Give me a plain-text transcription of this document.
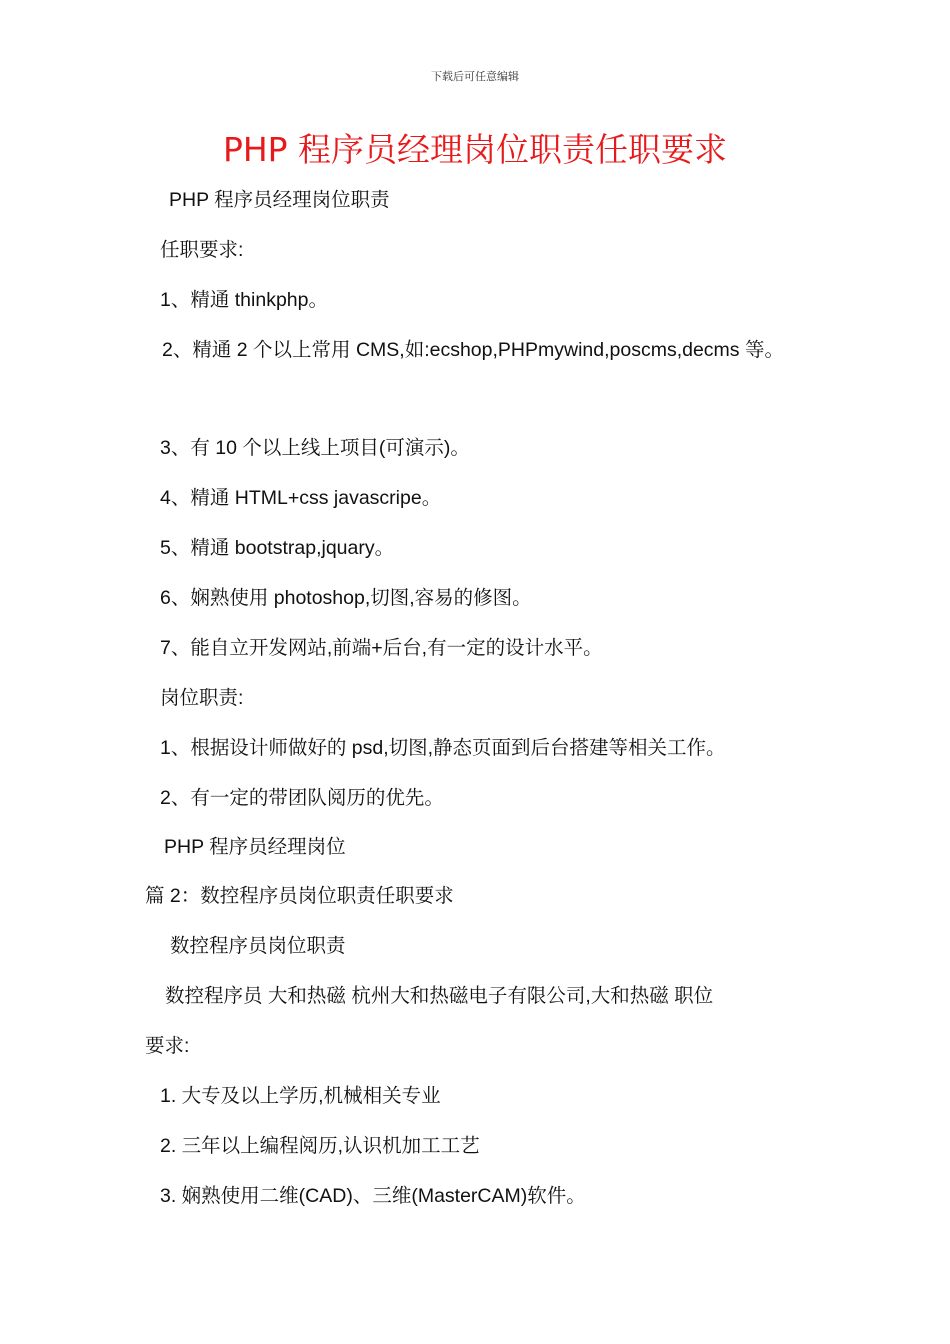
下载后可任意编辑
PHP 程序员经理岗位职责任职要求
PHP 程序员经理岗位职责
任职要求:
1、精通 thinkphp。
2、精通 2 个以上常用 CMS,如:ecshop,PHPmywind,poscms,decms 等。
3、有 10 个以上线上项目(可演示)。
4、精通 HTML+css javascripe。
5、精通 bootstrap,jquary。
6、娴熟使用 photoshop,切图,容易的修图。
7、能自立开发网站,前端+后台,有一定的设计水平。
岗位职责:
1、根据设计师做好的 psd,切图,静态页面到后台搭建等相关工作。
2、有一定的带团队阅历的优先。
PHP 程序员经理岗位
篇 2：数控程序员岗位职责任职要求
数控程序员岗位职责
数控程序员 大和热磁 杭州大和热磁电子有限公司,大和热磁 职位
要求:
1. 大专及以上学历,机械相关专业
2. 三年以上编程阅历,认识机加工工艺
3. 娴熟使用二维(CAD)、三维(MasterCAM)软件。
